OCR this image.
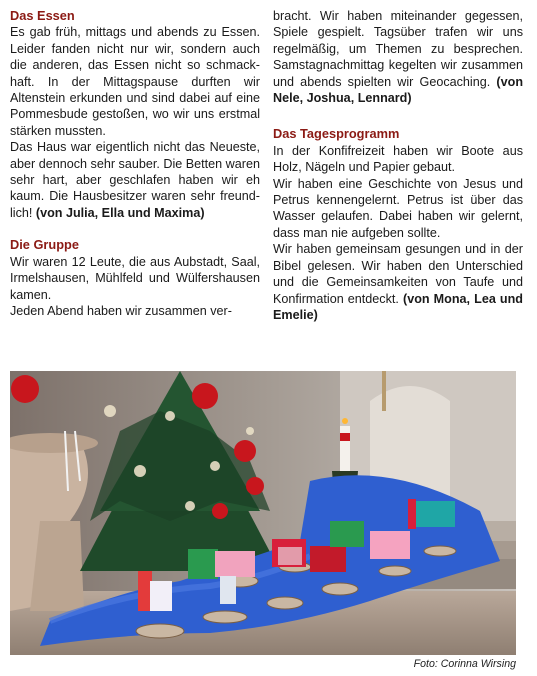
Das Essen

Es gab früh, mittags und abends zu Essen. Leider fanden nicht nur wir, sondern auch die anderen, das Essen nicht so schmackhaft. In der Mittagspause durften wir Altenstein erkunden und sind dabei auf eine Pommesbude gestoßen, wo wir uns erstmal stärken mussten.

Das Haus war eigentlich nicht das Neueste, aber dennoch sehr sauber. Die Betten waren sehr hart, aber geschlafen haben wir eh kaum. Die Hausbesitzer waren sehr freundlich! (von Julia, Ella und Maxima)

Die Gruppe

Wir waren 12 Leute, die aus Aubstadt, Saal, Irmelshausen, Mühlfeld und Wülfershausen kamen.

Jeden Abend haben wir zusammen ver-

bracht. Wir haben miteinander gegessen, Spiele gespielt. Tagsüber trafen wir uns regelmäßig, um Themen zu besprechen. Samstagnachmittag kegelten wir zusammen und abends spielten wir Geocaching. (von Nele, Joshua, Lennard)

Das Tagesprogramm

In der Konfifreizeit haben wir Boote aus Holz, Nägeln und Papier gebaut.

Wir haben eine Geschichte von Jesus und Petrus kennengelernt. Petrus ist über das Wasser gelaufen. Dabei haben wir gelernt, dass man nie aufgeben sollte.

Wir haben gemeinsam gesungen und in der Bibel gelesen. Wir haben den Unterschied und die Gemeinsamkeiten von Taufe und Konfirmation entdeckt. (von Mona, Lea und Emelie)

Foto: Corinna Wirsing
